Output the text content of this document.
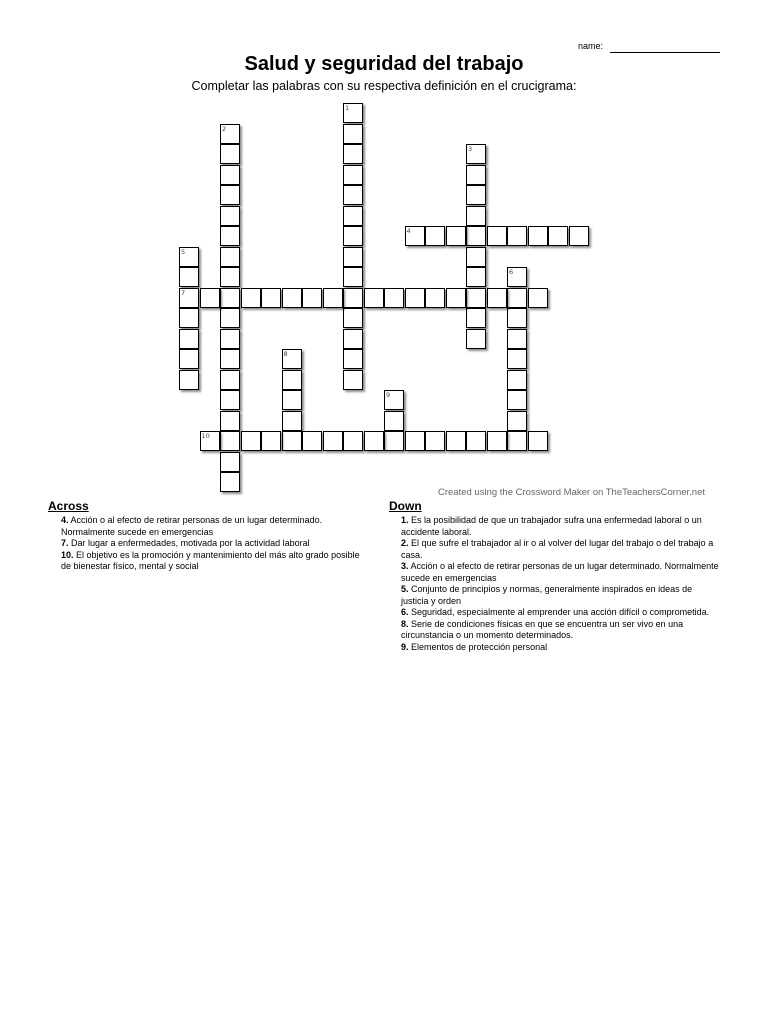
name:
Salud y seguridad del trabajo
Completar las palabras con su respectiva definición en el crucigrama:
1
2
3
4
5
7
6
8
9
10
Created using the Crossword Maker on TheTeachersCorner.net
Across

4. Acción o al efecto de retirar personas de un lugar determinado. Normalmente sucede en emergencias

7. Dar lugar a enfermedades, motivada por la actividad laboral

10. El objetivo es la promoción y mantenimiento del más alto grado posible de bienestar físico, mental y social

Down

1. Es la posibilidad de que un trabajador sufra una enfermedad laboral o un accidente laboral.

2. El que sufre el trabajador al ir o al volver del lugar del trabajo o del trabajo a casa.

3. Acción o al efecto de retirar personas de un lugar determinado. Normalmente sucede en emergencias

5. Conjunto de principios y normas, generalmente inspirados en ideas de justicia y orden

6. Seguridad, especialmente al emprender una acción difícil o comprometida.

8. Serie de condiciones físicas en que se encuentra un ser vivo en una circunstancia o un momento determinados.

9. Elementos de protección personal
